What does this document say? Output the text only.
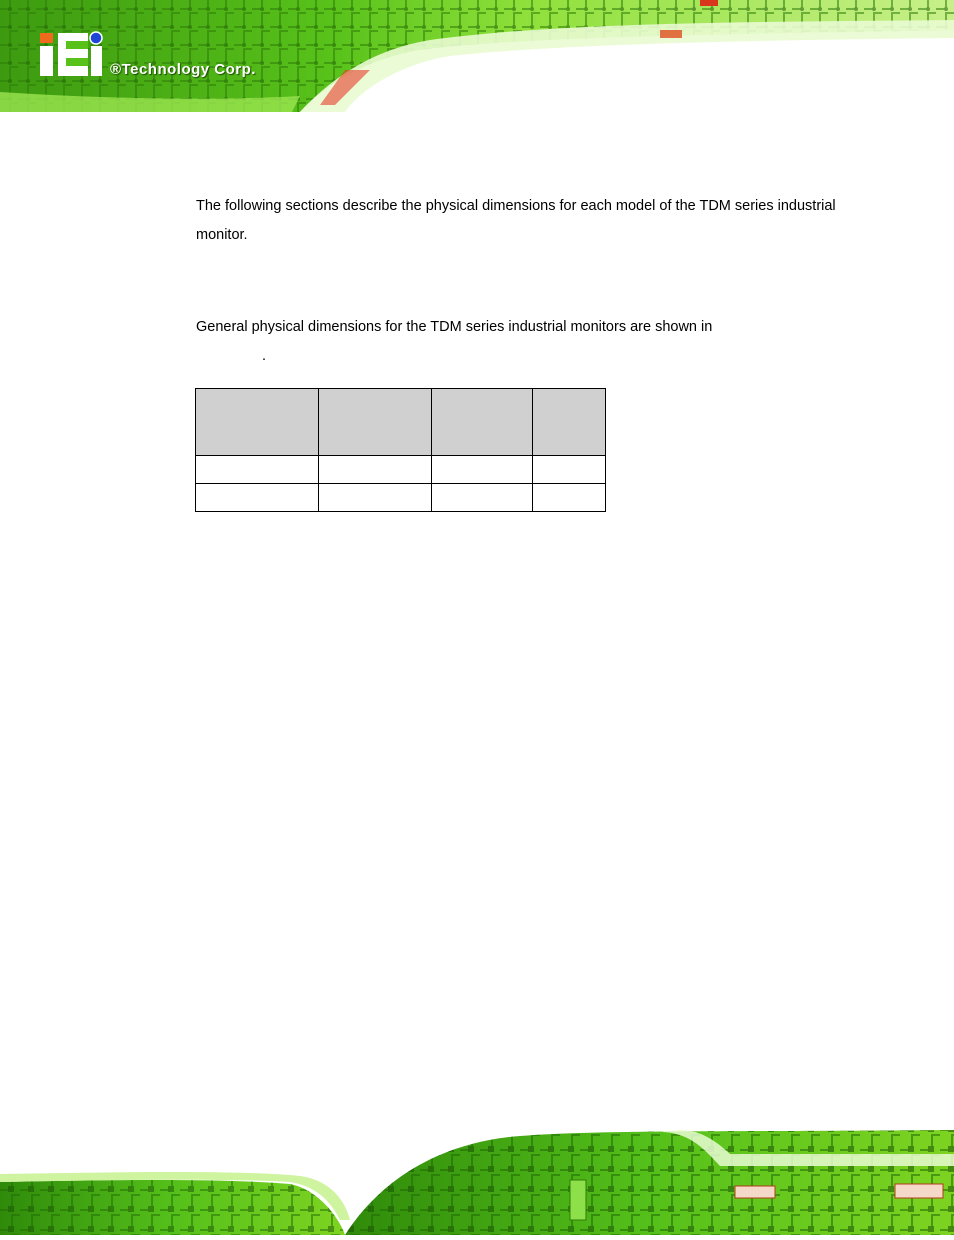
®Technology Corp.
The following sections describe the physical dimensions for each model of the TDM series industrial monitor.
General physical dimensions for the TDM series industrial monitors are shown in
.
